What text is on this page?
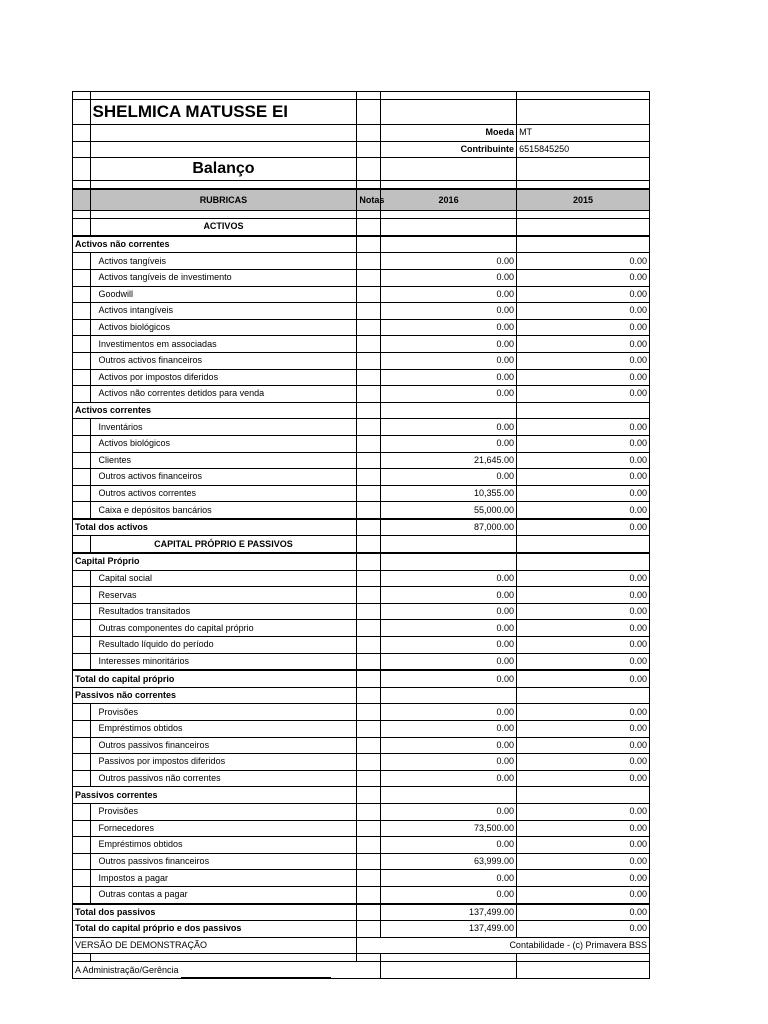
	SHELMICA MATUSSE EI			
			Moeda	MT
			Contribuinte	6515845250
	Balanço			

	RUBRICAS	Notas	2016	2015

	ACTIVOS			
Activos não correntes				
	Activos tangíveis		0.00	0.00
	Activos tangíveis de investimento		0.00	0.00
	Goodwill		0.00	0.00
	Activos intangíveis		0.00	0.00
	Activos biológicos		0.00	0.00
	Investimentos em associadas		0.00	0.00
	Outros activos financeiros		0.00	0.00
	Activos por impostos diferidos		0.00	0.00
	Activos não correntes detidos para venda		0.00	0.00
Activos correntes				
	Inventários		0.00	0.00
	Activos biológicos		0.00	0.00
	Clientes		21,645.00	0.00
	Outros activos financeiros		0.00	0.00
	Outros activos correntes		10,355.00	0.00
	Caixa e depósitos bancários		55,000.00	0.00
Total dos activos			87,000.00	0.00
	CAPITAL PRÓPRIO E PASSIVOS			
Capital Próprio				
	Capital social		0.00	0.00
	Reservas		0.00	0.00
	Resultados transitados		0.00	0.00
	Outras componentes do capital próprio		0.00	0.00
	Resultado líquido do período		0.00	0.00
	Interesses minoritários		0.00	0.00
Total do capital próprio			0.00	0.00
Passivos não correntes				
	Provisões		0.00	0.00
	Empréstimos obtidos		0.00	0.00
	Outros passivos financeiros		0.00	0.00
	Passivos por impostos diferidos		0.00	0.00
	Outros passivos não correntes		0.00	0.00
Passivos correntes				
	Provisões		0.00	0.00
	Fornecedores		73,500.00	0.00
	Empréstimos obtidos		0.00	0.00
	Outros passivos financeiros		63,999.00	0.00
	Impostos a pagar		0.00	0.00
	Outras contas a pagar		0.00	0.00
Total dos passivos			137,499.00	0.00
Total do capital próprio e dos passivos			137,499.00	0.00
VERSÃO DE DEMONSTRAÇÃO		Contabilidade - (c) Primavera BSS		

A Administração/Gerência				
